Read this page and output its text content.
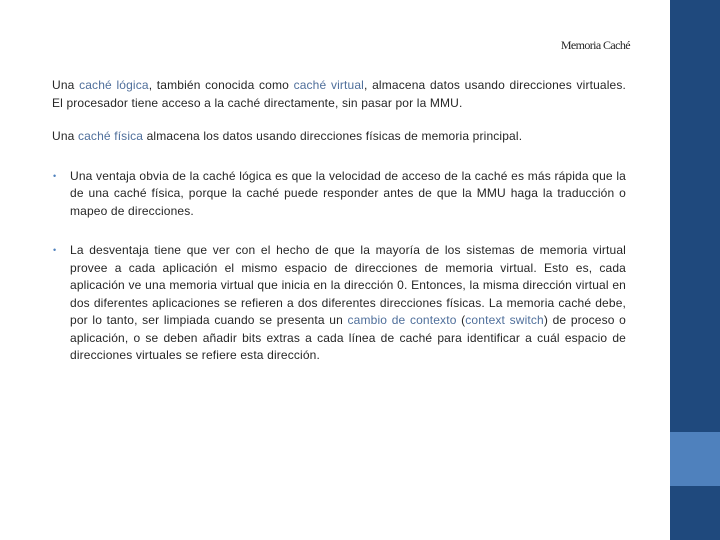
Memoria Caché

Una caché lógica, también conocida como caché virtual, almacena datos usando direcciones virtuales. El procesador tiene acceso a la caché directamente, sin pasar por la MMU.

Una caché física almacena los datos usando direcciones físicas de memoria principal.

• Una ventaja obvia de la caché lógica es que la velocidad de acceso de la caché es más rápida que la de una caché física, porque la caché puede responder antes de que la MMU haga la traducción o mapeo de direcciones.
• La desventaja tiene que ver con el hecho de que la mayoría de los sistemas de memoria virtual provee a cada aplicación el mismo espacio de direcciones de memoria virtual. Esto es, cada aplicación ve una memoria virtual que inicia en la dirección 0. Entonces, la misma dirección virtual en dos diferentes aplicaciones se refieren a dos diferentes direcciones físicas. La memoria caché debe, por lo tanto, ser limpiada cuando se presenta un cambio de contexto (context switch) de proceso o aplicación, o se deben añadir bits extras a cada línea de caché para identificar a cuál espacio de direcciones virtuales se refiere esta dirección.
